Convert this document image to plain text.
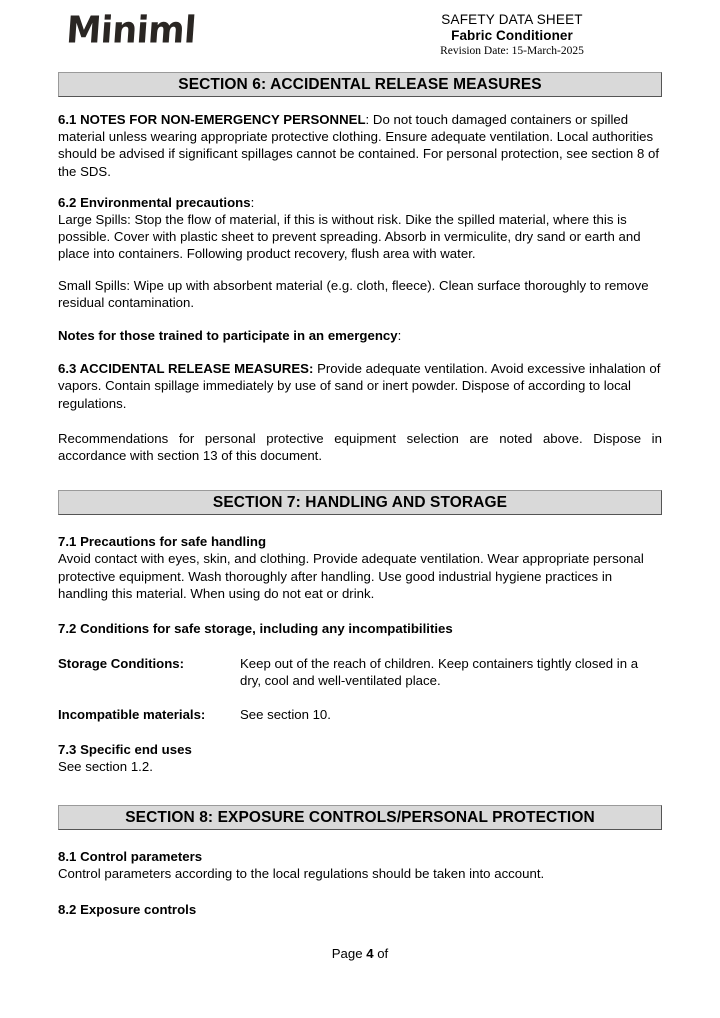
Miniml	SAFETY DATA SHEET
Fabric Conditioner
Revision Date: 15-March-2025
SECTION 6: ACCIDENTAL RELEASE MEASURES

6.1 NOTES FOR NON-EMERGENCY PERSONNEL: Do not touch damaged containers or spilled material unless wearing appropriate protective clothing. Ensure adequate ventilation. Local authorities should be advised if significant spillages cannot be contained. For personal protection, see section 8 of the SDS.

6.2 Environmental precautions:

Large Spills: Stop the flow of material, if this is without risk. Dike the spilled material, where this is possible. Cover with plastic sheet to prevent spreading. Absorb in vermiculite, dry sand or earth and place into containers. Following product recovery, flush area with water.

Small Spills: Wipe up with absorbent material (e.g. cloth, fleece). Clean surface thoroughly to remove residual contamination.

Notes for those trained to participate in an emergency:

6.3 ACCIDENTAL RELEASE MEASURES: Provide adequate ventilation. Avoid excessive inhalation of vapors. Contain spillage immediately by use of sand or inert powder. Dispose of according to local regulations.

Recommendations for personal protective equipment selection are noted above. Dispose in accordance with section 13 of this document.

SECTION 7: HANDLING AND STORAGE

7.1 Precautions for safe handling

Avoid contact with eyes, skin, and clothing. Provide adequate ventilation. Wear appropriate personal protective equipment. Wash thoroughly after handling. Use good industrial hygiene practices in handling this material. When using do not eat or drink.

7.2 Conditions for safe storage, including any incompatibilities

Storage Conditions:	Keep out of the reach of children. Keep containers tightly closed in a dry, cool and well-ventilated place.
Incompatible materials:	See section 10.

7.3 Specific end uses

See section 1.2.

SECTION 8: EXPOSURE CONTROLS/PERSONAL PROTECTION

8.1 Control parameters

Control parameters according to the local regulations should be taken into account.

8.2 Exposure controls

Page 4 of
